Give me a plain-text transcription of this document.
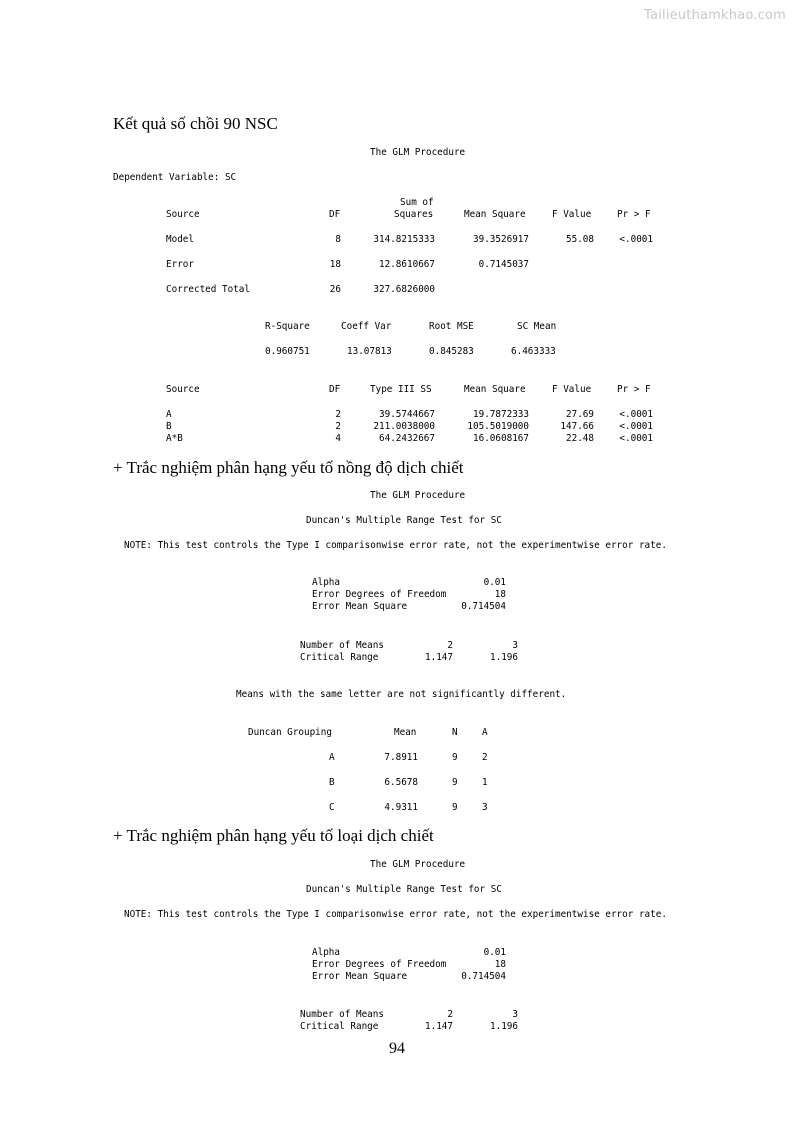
Tailieuthamkhao.com
Kết quả số chồi 90 NSC
The GLM Procedure
Dependent Variable: SC
Sum of
Source	DF	Squares	Mean Square	F Value	Pr > F
Model	8	314.8215333	39.3526917	55.08	<.0001
Error	18	12.8610667	0.7145037
Corrected Total	26	327.6826000
R-Square	Coeff Var	Root MSE	SC Mean
0.960751	13.07813	0.845283	6.463333
Source	DF	Type III SS	Mean Square	F Value	Pr > F
A	2	39.5744667	19.7872333	27.69	<.0001
B	2	211.0038000	105.5019000	147.66	<.0001
A*B	4	64.2432667	16.0608167	22.48	<.0001
+ Trắc nghiệm phân hạng yếu tố nồng độ dịch chiết
The GLM Procedure
Duncan's Multiple Range Test for SC
NOTE: This test controls the Type I comparisonwise error rate, not the experimentwise error rate.
Alpha	0.01
Error Degrees of Freedom	18
Error Mean Square	0.714504
Number of Means	2	3
Critical Range	1.147	1.196
Means with the same letter are not significantly different.
Duncan Grouping	Mean	N	A
A	7.8911	9	2
B	6.5678	9	1
C	4.9311	9	3
+ Trắc nghiệm phân hạng yếu tố loại dịch chiết
The GLM Procedure
Duncan's Multiple Range Test for SC
NOTE: This test controls the Type I comparisonwise error rate, not the experimentwise error rate.
Alpha	0.01
Error Degrees of Freedom	18
Error Mean Square	0.714504
Number of Means	2	3
Critical Range	1.147	1.196
94
